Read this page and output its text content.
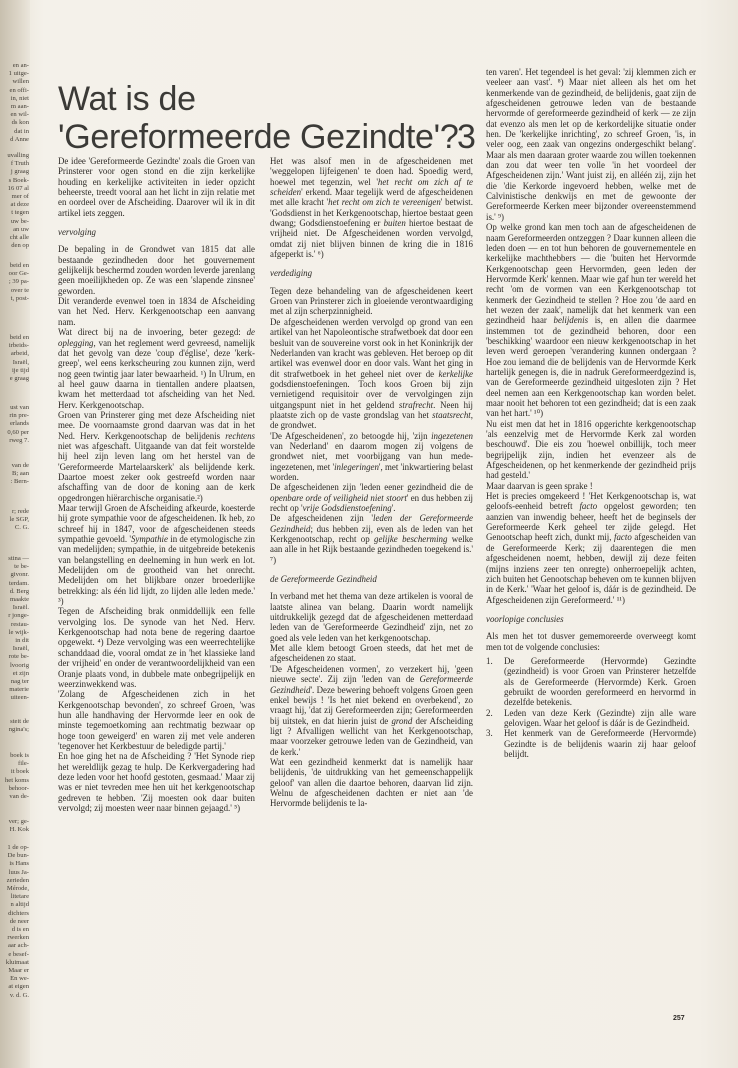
en an-
1 uitge-
willen
en offi-
in, niet
m aan-
en wil-
ds kon
dat in
d Anne
uvalling
f Truth
j graag
s Boek-
16 07 al
mer of
at deze
t tegen
uw be-
an uw
cht alle
den op
beid en
oor Ge-
; 39 pa-
over te
t, post-
beid en
irbeids-
arbeid,
Israël,
ije tijd
e graag
ust van
rin pre-
erlands
0,60 per
rweg 7.
van de
B; aan
: Bern-
r; rede
le SGP,
C. G.
stina —
te be-
givonr.
terdam.
d. Berg
maakte
Israël.
r jonge-
restau-
le wijk-
in dit
Israël,
rote be-
lvoorig
et zijn
nag ter
materie
uiteen-
steit de
ngina's;
boek is
file-
it boek
het koms
behoor-
van de-
ver; ge-
H. Kok
1 de op-
De bun-
is Hans
luus Ja-
zerieden
Mérode,
litetare
n altijd
dichters
de neer
d is en
rwerken
aar ach-
e besef-
kluimaat
Maar er
En we-
at eigen
v. d. G.
Wat is de
'Gereformeerde Gezindte'?
3

De idee 'Gereformeerde Gezindte' zoals die Groen van Prinsterer voor ogen stond en die zijn kerkelijke houding en kerkelijke activiteiten in ieder opzicht beheerste, treedt vooral aan het licht in zijn relatie met en oordeel over de Afscheiding. Daarover wil ik in dit artikel iets zeggen.

vervolging

De bepaling in de Grondwet van 1815 dat alle bestaande gezindheden door het gouvernement gelijkelijk beschermd zouden worden leverde jarenlang geen moeilijkheden op. Ze was een 'slapende zinsnee' geworden.

Dit veranderde evenwel toen in 1834 de Afscheiding van het Ned. Herv. Kerkgenootschap een aanvang nam.

Wat direct bij na de invoering, beter gezegd: de oplegging, van het reglement werd gevreesd, namelijk dat het gevolg van deze 'coup d'église', deze 'kerk-greep', wel eens kerkscheuring zou kunnen zijn, werd nog geen twintig jaar later bewaarheid. ¹) In Ulrum, en al heel gauw daarna in tientallen andere plaatsen, kwam het metterdaad tot afscheiding van het Ned. Herv. Kerkgenootschap.

Groen van Prinsterer ging met deze Afscheiding niet mee. De voornaamste grond daarvan was dat in het Ned. Herv. Kerkgenootschap de belijdenis rechtens niet was afgeschaft. Uitgaande van dat feit worstelde hij heel zijn leven lang om het herstel van de 'Gereformeerde Martelaarskerk' als belijdende kerk. Daartoe moest zeker ook gestreefd worden naar afschaffing van de door de koning aan de kerk opgedrongen hiërarchische organisatie.²)

Maar terwijl Groen de Afscheiding afkeurde, koesterde hij grote sympathie voor de afgescheidenen. Ik heb, zo schreef hij in 1847, voor de afgescheidenen steeds sympathie gevoeld. 'Sympathie in de etymologische zin van medelijden; sympathie, in de uitgebreide betekenis van belangstelling en deelneming in hun werk en lot. Medelijden om de grootheid van het onrecht. Medelijden om het blijkbare onzer broederlijke betrekking: als één lid lijdt, zo lijden alle leden mede.' ³)

Tegen de Afscheiding brak onmiddellijk een felle vervolging los. De synode van het Ned. Herv. Kerkgenootschap had nota bene de regering daartoe opgewekt. ⁴) Deze vervolging was een weerrechtelijke schanddaad die, vooral omdat ze in 'het klassieke land der vrijheid' en onder de verantwoordelijkheid van een Oranje plaats vond, in dubbele mate onbegrijpelijk en weerzinwekkend was.

'Zolang de Afgescheidenen zich in het Kerkgenootschap bevonden', zo schreef Groen, 'was hun alle handhaving der Hervormde leer en ook de minste tegemoetkoming aan rechtmatig bezwaar op hoge toon geweigerd' en waren zij met vele anderen 'tegenover het Kerkbestuur de beledigde partij.'

En hoe ging het na de Afscheiding ? 'Het Synode riep het wereldlijk gezag te hulp. De Kerkvergadering had deze leden voor het hoofd gestoten, gesmaad.' Maar zij was er niet tevreden mee hen uit het kerkgenootschap gedreven te hebben. 'Zij moesten ook daar buiten vervolgd; zij moesten weer naar binnen gejaagd.' ⁵)

Het was alsof men in de afgescheidenen met 'weggelopen lijfeigenen' te doen had. Spoedig werd, hoewel met tegenzin, wel 'het recht om zich af te scheiden' erkend. Maar tegelijk werd de afgescheidenen met alle kracht 'het recht om zich te vereenigen' betwist. 'Godsdienst in het Kerkgenootschap, hiertoe bestaat geen dwang; Godsdienstoefening er buiten hiertoe bestaat de vrijheid niet. De Afgescheidenen worden vervolgd, omdat zij niet blijven binnen de kring die in 1816 afgeperkt is.' ⁶)

verdediging

Tegen deze behandeling van de afgescheidenen keert Groen van Prinsterer zich in gloeiende verontwaardiging met al zijn scherpzinnigheid.

De afgescheidenen werden vervolgd op grond van een artikel van het Napoleontische strafwetboek dat door een besluit van de souvereine vorst ook in het Koninkrijk der Nederlanden van kracht was gebleven. Het beroep op dit artikel was evenwel door en door vals. Want het ging in dit strafwetboek in het geheel niet over de kerkelijke godsdienstoefeningen. Toch koos Groen bij zijn vernietigend requisitoir over de vervolgingen zijn uitgangspunt niet in het geldend strafrecht. Neen hij plaatste zich op de vaste grondslag van het staatsrecht, de grondwet.

'De Afgescheidenen', zo betoogde hij, 'zijn ingezetenen van Nederland' en daarom mogen zij volgens de grondwet niet, met voorbijgang van hun mede-ingezetenen, met 'inlegeringen', met 'inkwartiering belast worden.

De afgescheidenen zijn 'leden eener gezindheid die de openbare orde of veiligheid niet stoort' en dus hebben zij recht op 'vrije Godsdienstoefening'.

De afgescheidenen zijn 'leden der Gereformeerde Gezindheid; dus hebben zij, even als de leden van het Kerkgenootschap, recht op gelijke bescherming welke aan alle in het Rijk bestaande gezindheden toegekend is.' ⁷)

de Gereformeerde Gezindheid

In verband met het thema van deze artikelen is vooral de laatste alinea van belang. Daarin wordt namelijk uitdrukkelijk gezegd dat de afgescheidenen metterdaad leden van de 'Gereformeerde Gezindheid' zijn, net zo goed als vele leden van het kerkgenootschap.

Met alle klem betoogt Groen steeds, dat het met de afgescheidenen zo staat.

'De Afgescheidenen vormen', zo verzekert hij, 'geen nieuwe secte'. Zij zijn 'leden van de Gereformeerde Gezindheid'. Deze bewering behoeft volgens Groen geen enkel bewijs ! 'Is het niet bekend en overbekend', zo vraagt hij, 'dat zij Gereformeerden zijn; Gereformeerden bij uitstek, en dat hierin juist de grond der Afscheiding ligt ? Afvalligen wellicht van het Kerkgenootschap, maar voorzeker getrouwe leden van de Gezindheid, van de kerk.'

Wat een gezindheid kenmerkt dat is namelijk haar belijdenis, 'de uitdrukking van het gemeenschappelijk geloof' van allen die daartoe behoren, daarvan lid zijn. Welnu de afgescheidenen dachten er niet aan 'de Hervormde belijdenis te la-

ten varen'. Het tegendeel is het geval: 'zij klemmen zich er veeleer aan vast'. ⁸) Maar niet alleen als het om het kenmerkende van de gezindheid, de belijdenis, gaat zijn de afgescheidenen getrouwe leden van de bestaande hervormde of gereformeerde gezindheid of kerk — ze zijn dat evenzo als men let op de kerkordelijke situatie onder hen. De 'kerkelijke inrichting', zo schreef Groen, 'is, in veler oog, een zaak van ongezins ondergeschikt belang'. Maar als men daaraan groter waarde zou willen toekennen dan zou dat weer ten volle 'in het voordeel der Afgescheidenen zijn.' Want juist zij, en alléén zij, zijn het die 'die Kerkorde ingevoerd hebben, welke met de Calvinistische denkwijs en met de gewoonte der Gereformeerde Kerken meer bijzonder overeenstemmend is.' ⁹)

Op welke grond kan men toch aan de afgescheidenen de naam Gereformeerden ontzeggen ? Daar kunnen alleen die leden doen — en tot hun behoren de gouvernementele en kerkelijke machthebbers — die 'buiten het Hervormde Kerkgenootschap geen Hervormden, geen leden der Hervormde Kerk' kennen. Maar wie gaf hun ter wereld het recht 'om de vormen van een Kerkgenootschap tot kenmerk der Gezindheid te stellen ? Hoe zou 'de aard en het wezen der zaak', namelijk dat het kenmerk van een gezindheid haar belijdenis is, en allen die daarmee instemmen tot de gezindheid behoren, door een 'beschikking' waardoor een nieuw kerkgenootschap in het leven werd geroepen 'verandering kunnen ondergaan ? Hoe zou iemand die de belijdenis van de Hervormde Kerk hartelijk genegen is, die in nadruk Gereformeerdgezind is, van de Gereformeerde gezindheid uitgesloten zijn ? Het deel nemen aan een Kerkgenootschap kan worden belet. maar nooit het behoren tot een gezindheid; dat is een zaak van het hart.' ¹⁰)

Nu eist men dat het in 1816 opgerichte kerkgenootschap 'als eenzelvig met de Hervormde Kerk zal worden beschouwd'. Die eis zou 'hoewel onbillijk, toch meer begrijpelijk zijn, indien het evenzeer als de Afgescheidenen, op het kenmerkende der gezindheid prijs had gesteld.'

Maar daarvan is geen sprake !

Het is precies omgekeerd ! 'Het Kerkgenootschap is, wat geloofs-eenheid betreft facto opgelost geworden; ten aanzien van inwendig beheer, heeft het de beginsels der Gereformeerde Kerk geheel ter zijde gelegd. Het Genootschap heeft zich, dunkt mij, facto afgescheiden van de Gereformeerde Kerk; zij daarentegen die men afgescheidenen noemt, hebben, dewijl zij deze feiten (mijns inziens zeer ten onregte) onherroepelijk achten, zich buiten het Genootschap beheven om te kunnen blijven in de Kerk.' 'Waar het geloof is, dáár is de gezindheid. De Afgescheidenen zijn Gereformeerd.' ¹¹)

voorlopige conclusies

Als men het tot dusver gememoreerde overweegt komt men tot de volgende conclusies:

1. De Gereformeerde (Hervormde) Gezindte (gezindheid) is voor Groen van Prinsterer hetzelfde als de Gereformeerde (Hervormde) Kerk. Groen gebruikt de woorden gereformeerd en hervormd in dezelfde betekenis.
2. Leden van deze Kerk (Gezindte) zijn alle ware gelovigen. Waar het geloof is dáár is de Gezindheid.
3. Het kenmerk van de Gereformeerde (Hervormde) Gezindte is de belijdenis waarin zij haar geloof belijdt.
257
